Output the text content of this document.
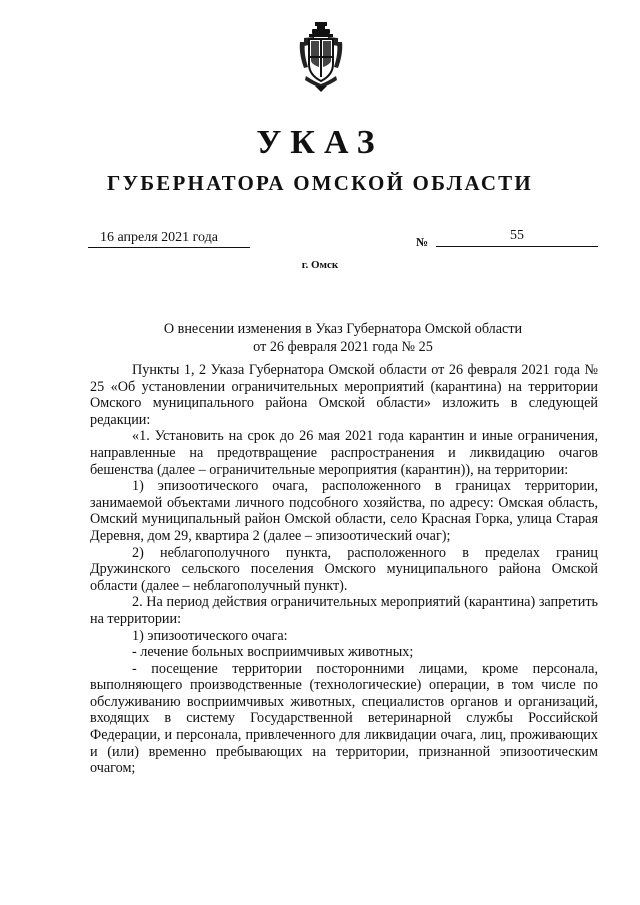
УКАЗ
ГУБЕРНАТОРА ОМСКОЙ ОБЛАСТИ
16 апреля 2021 года	№	55
г. Омск
О внесении изменения в Указ Губернатора Омской области
от 26 февраля 2021 года № 25

Пункты 1, 2 Указа Губернатора Омской области от 26 февраля 2021 года № 25 «Об установлении ограничительных мероприятий (карантина) на территории Омского муниципального района Омской области» изложить в следующей редакции:

«1. Установить на срок до 26 мая 2021 года карантин и иные ограничения, направленные на предотвращение распространения и ликвидацию очагов бешенства (далее – ограничительные мероприятия (карантин)), на территории:

1) эпизоотического очага, расположенного в границах территории, занимаемой объектами личного подсобного хозяйства, по адресу: Омская область, Омский муниципальный район Омской области, село Красная Горка, улица Старая Деревня, дом 29, квартира 2 (далее – эпизоотический очаг);

2) неблагополучного пункта, расположенного в пределах границ Дружинского сельского поселения Омского муниципального района Омской области (далее – неблагополучный пункт).

2. На период действия ограничительных мероприятий (карантина) запретить на территории:

1) эпизоотического очага:

- лечение больных восприимчивых животных;

- посещение территории посторонними лицами, кроме персонала, выполняющего производственные (технологические) операции, в том числе по обслуживанию восприимчивых животных, специалистов органов и организаций, входящих в систему Государственной ветеринарной службы Российской Федерации, и персонала, привлеченного для ликвидации очага, лиц, проживающих и (или) временно пребывающих на территории, признанной эпизоотическим очагом;
